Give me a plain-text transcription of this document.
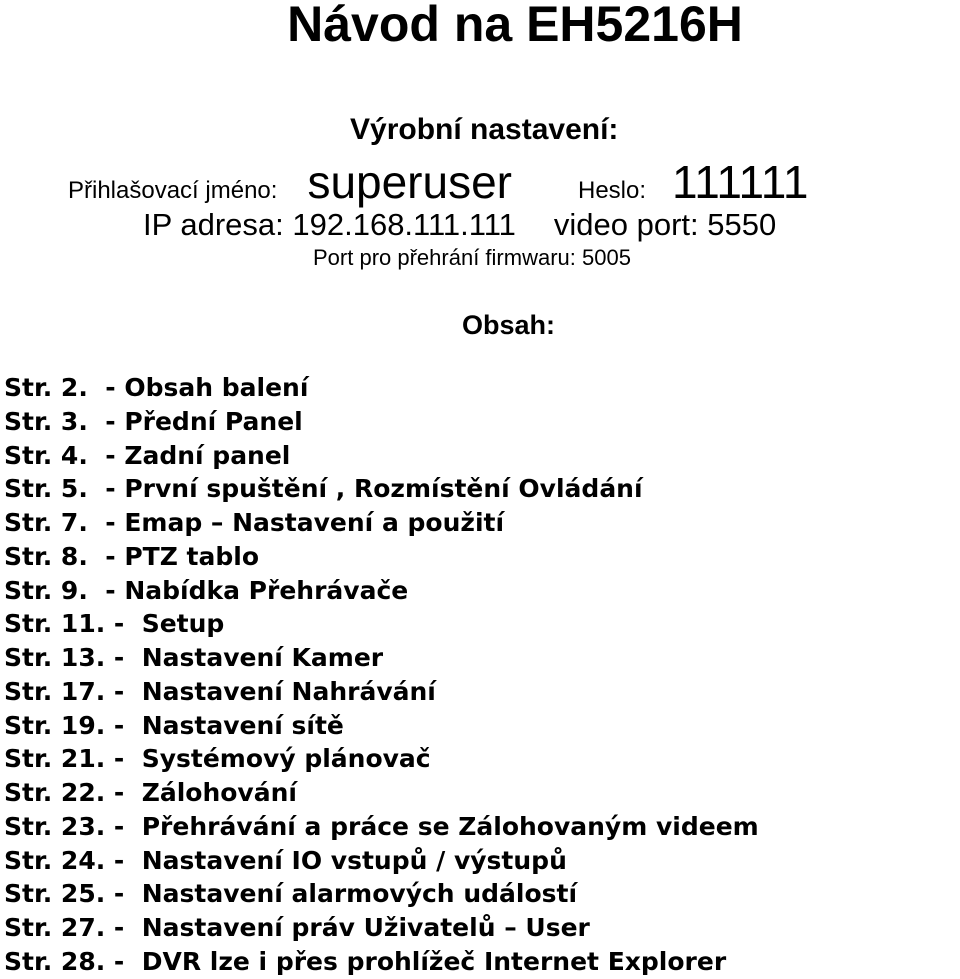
Návod na EH5216H
Výrobní nastavení:
Přihlašovací jméno: superuser	Heslo: 111111
IP adresa: 192.168.111.111 video port: 5550
Port pro přehrání firmwaru: 5005
Obsah:
Str. 2.  - Obsah balení
Str. 3.  - Přední Panel
Str. 4.  - Zadní panel
Str. 5.  - První spuštění , Rozmístění Ovládání
Str. 7.  - Emap – Nastavení a použití
Str. 8.  - PTZ tablo
Str. 9.  - Nabídka Přehrávače
Str. 11. -  Setup
Str. 13. -  Nastavení Kamer
Str. 17. -  Nastavení Nahrávání
Str. 19. -  Nastavení sítě
Str. 21. -  Systémový plánovač
Str. 22. -  Zálohování
Str. 23. -  Přehrávání a práce se Zálohovaným videem
Str. 24. -  Nastavení IO vstupů / výstupů
Str. 25. -  Nastavení alarmových událostí
Str. 27. -  Nastavení práv Uživatelů – User
Str. 28. -  DVR lze i přes prohlížeč Internet Explorer
